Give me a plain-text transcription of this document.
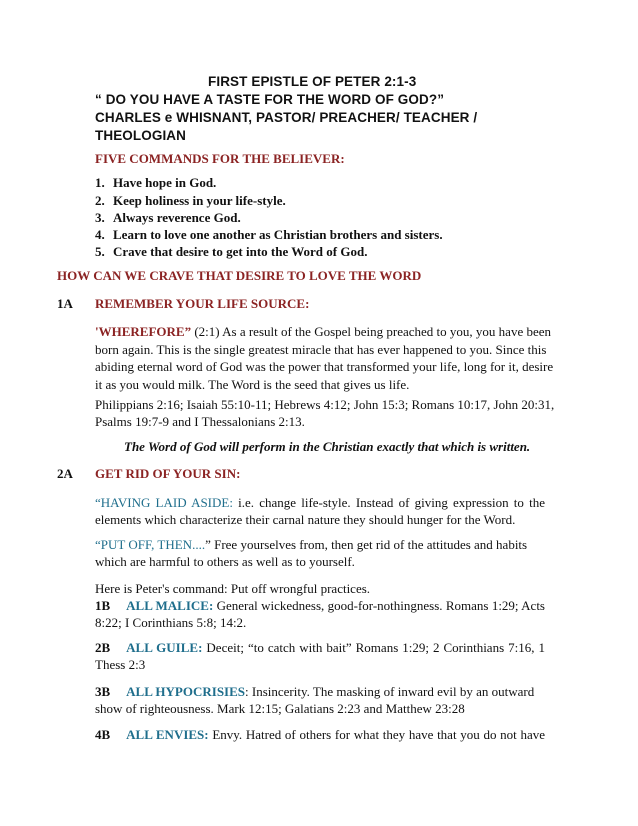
FIRST EPISTLE OF PETER 2:1-3
“ DO YOU HAVE A TASTE FOR THE WORD OF GOD?”
CHARLES e WHISNANT, PASTOR/ PREACHER/ TEACHER /
THEOLOGIAN
FIVE COMMANDS FOR THE BELIEVER:
1. Have hope in God.
2. Keep holiness in your life-style.
3. Always reverence God.
4. Learn to love one another as Christian brothers and sisters.
5. Crave that desire to get into the Word of God.
HOW CAN WE CRAVE THAT DESIRE TO LOVE THE WORD
1A REMEMBER YOUR LIFE SOURCE:
'WHEREFORE” (2:1) As a result of the Gospel being preached to you, you have been
born again. This is the single greatest miracle that has ever happened to you. Since this
abiding eternal word of God was the power that transformed your life, long for it, desire
it as you would milk. The Word is the seed that gives us life.
Philippians 2:16; Isaiah 55:10-11; Hebrews 4:12; John 15:3; Romans 10:17, John 20:31,
Psalms 19:7-9 and I Thessalonians 2:13.
The Word of God will perform in the Christian exactly that which is written.
2A GET RID OF YOUR SIN:
“HAVING LAID ASIDE: i.e. change life-style. Instead of giving expression to the
elements which characterize their carnal nature they should hunger for the Word.
“PUT OFF, THEN....” Free yourselves from, then get rid of the attitudes and habits
which are harmful to others as well as to yourself.
Here is Peter's command: Put off wrongful practices.
1B ALL MALICE: General wickedness, good-for-nothingness. Romans 1:29; Acts
8:22; I Corinthians 5:8; 14:2.
2B ALL GUILE: Deceit; “to catch with bait” Romans 1:29; 2 Corinthians 7:16, 1
Thess 2:3
3B ALL HYPOCRISIES: Insincerity. The masking of inward evil by an outward
show of righteousness. Mark 12:15; Galatians 2:23 and Matthew 23:28
4B ALL ENVIES: Envy. Hatred of others for what they have that you do not have
